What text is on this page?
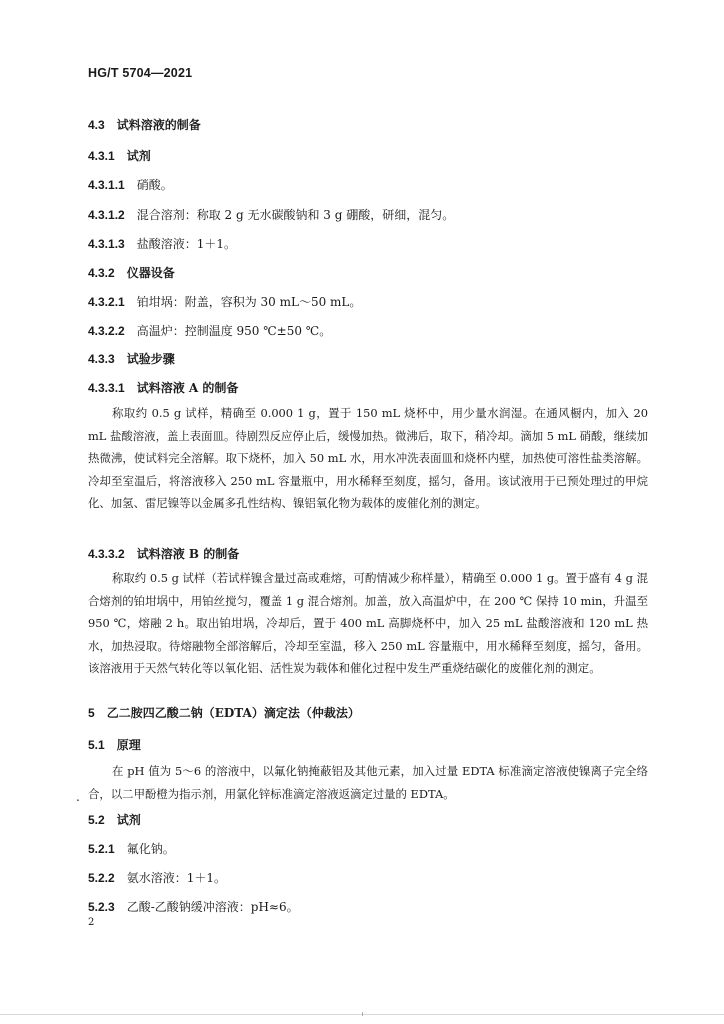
HG/T 5704—2021
4.3 试料溶液的制备
4.3.1 试剂
4.3.1.1 硝酸。
4.3.1.2 混合溶剂：称取 2 g 无水碳酸钠和 3 g 硼酸，研细，混匀。
4.3.1.3 盐酸溶液：1＋1。
4.3.2 仪器设备
4.3.2.1 铂坩埚：附盖，容积为 30 mL～50 mL。
4.3.2.2 高温炉：控制温度 950 ℃±50 ℃。
4.3.3 试验步骤
4.3.3.1 试料溶液 A 的制备
称取约 0.5 g 试样，精确至 0.000 1 g，置于 150 mL 烧杯中，用少量水润湿。在通风橱内，加入 20 mL 盐酸溶液，盖上表面皿。待剧烈反应停止后，缓慢加热。微沸后，取下，稍冷却。滴加 5 mL 硝酸，继续加热微沸，使试料完全溶解。取下烧杯，加入 50 mL 水，用水冲洗表面皿和烧杯内壁，加热使可溶性盐类溶解。冷却至室温后，将溶液移入 250 mL 容量瓶中，用水稀释至刻度，摇匀，备用。该试液用于已预处理过的甲烷化、加氢、雷尼镍等以金属多孔性结构、镍铝氧化物为载体的废催化剂的测定。
4.3.3.2 试料溶液 B 的制备
称取约 0.5 g 试样（若试样镍含量过高或难熔，可酌情减少称样量），精确至 0.000 1 g。置于盛有 4 g 混合熔剂的铂坩埚中，用铂丝搅匀，覆盖 1 g 混合熔剂。加盖，放入高温炉中，在 200 ℃ 保持 10 min，升温至 950 ℃，熔融 2 h。取出铂坩埚，冷却后，置于 400 mL 高脚烧杯中，加入 25 mL 盐酸溶液和 120 mL 热水，加热浸取。待熔融物全部溶解后，冷却至室温，移入 250 mL 容量瓶中，用水稀释至刻度，摇匀，备用。该溶液用于天然气转化等以氧化铝、活性炭为载体和催化过程中发生严重烧结碳化的废催化剂的测定。
5 乙二胺四乙酸二钠（EDTA）滴定法（仲裁法）
5.1 原理
在 pH 值为 5～6 的溶液中，以氟化钠掩蔽铝及其他元素，加入过量 EDTA 标准滴定溶液使镍离子完全络合，以二甲酚橙为指示剂，用氯化锌标准滴定溶液返滴定过量的 EDTA。
.
5.2 试剂
5.2.1 氟化钠。
5.2.2 氨水溶液：1＋1。
5.2.3 乙酸-乙酸钠缓冲溶液：pH≈6。
2
